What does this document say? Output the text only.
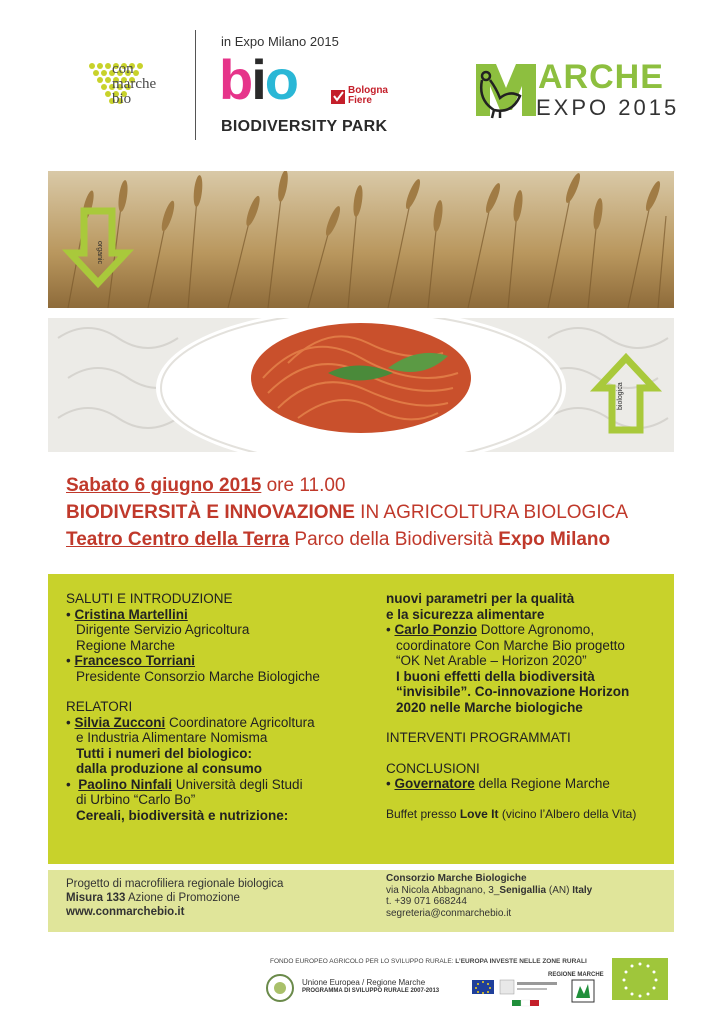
con
marche
bio
in Expo Milano 2015
bio	Bologna
Fiere
BIODIVERSITY PARK
ARCHE
EXPO 2015
organic
biologica
Sabato 6 giugno 2015 ore 11.00
BIODIVERSITÀ E INNOVAZIONE IN AGRICOLTURA BIOLOGICA
Teatro Centro della Terra Parco della Biodiversità Expo Milano
SALUTI E INTRODUZIONE
• Cristina Martellini
Dirigente Servizio Agricoltura
Regione Marche
• Francesco Torriani
Presidente Consorzio Marche Biologiche
RELATORI
• Silvia Zucconi Coordinatore Agricoltura
e Industria Alimentare Nomisma
Tutti i numeri del biologico:
dalla produzione al consumo
•  Paolino Ninfali Università degli Studi
di Urbino “Carlo Bo”
Cereali, biodiversità e nutrizione:
nuovi parametri per la qualità
e la sicurezza alimentare
• Carlo Ponzio Dottore Agronomo,
coordinatore Con Marche Bio progetto
“OK Net Arable – Horizon 2020”
I buoni effetti della biodiversità
“invisibile”. Co-innovazione Horizon
2020 nelle Marche biologiche
INTERVENTI PROGRAMMATI
CONCLUSIONI
• Governatore della Regione Marche
Buffet presso Love It (vicino l’Albero della Vita)
Progetto di macrofiliera regionale biologica
Misura 133 Azione di Promozione
www.conmarchebio.it
Consorzio Marche Biologiche
via Nicola Abbagnano, 3_Senigallia (AN) Italy
t. +39 071 668244
segreteria@conmarchebio.it
FONDO EUROPEO AGRICOLO PER LO SVILUPPO RURALE: L’EUROPA INVESTE NELLE ZONE RURALI
Unione Europea / Regione Marche
PROGRAMMA DI SVILUPPO RURALE 2007-2013
REGIONE MARCHE
